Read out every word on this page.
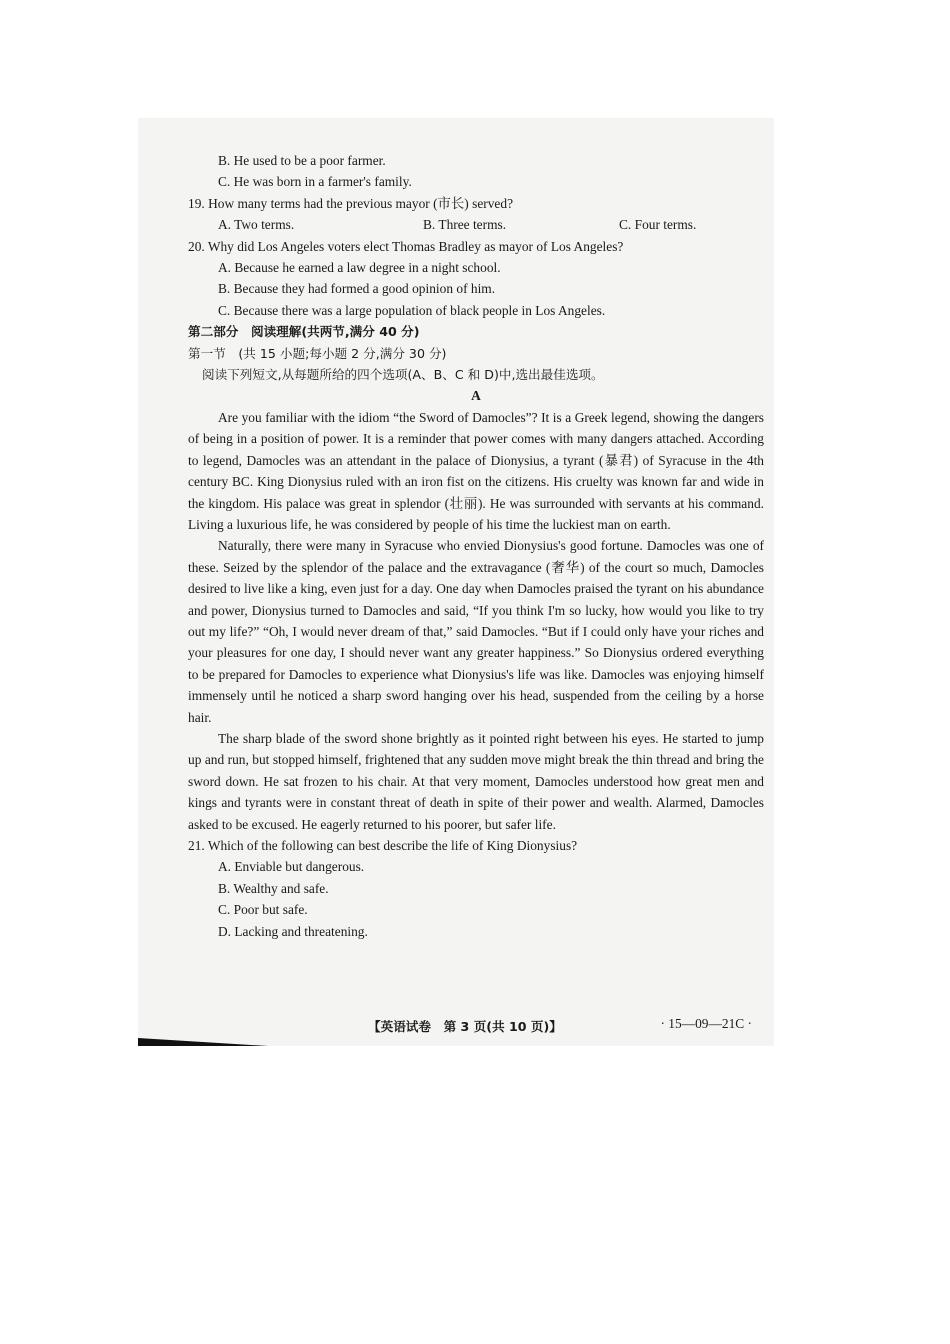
B. He used to be a poor farmer.
C. He was born in a farmer's family.
19. How many terms had the previous mayor (市长) served?
A. Two terms.	B. Three terms.	C. Four terms.
20. Why did Los Angeles voters elect Thomas Bradley as mayor of Los Angeles?
A. Because he earned a law degree in a night school.
B. Because they had formed a good opinion of him.
C. Because there was a large population of black people in Los Angeles.
第二部分　阅读理解(共两节,满分 40 分)
第一节　(共 15 小题;每小题 2 分,满分 30 分)
阅读下列短文,从每题所给的四个选项(A、B、C 和 D)中,选出最佳选项。
A

Are you familiar with the idiom “the Sword of Damocles”? It is a Greek legend, showing the dangers of being in a position of power. It is a reminder that power comes with many dangers attached. According to legend, Damocles was an attendant in the palace of Dionysius, a tyrant (暴君) of Syracuse in the 4th century BC. King Dionysius ruled with an iron fist on the citizens. His cruelty was known far and wide in the kingdom. His palace was great in splendor (壮丽). He was surrounded with servants at his command. Living a luxurious life, he was considered by people of his time the luckiest man on earth.

Naturally, there were many in Syracuse who envied Dionysius's good fortune. Damocles was one of these. Seized by the splendor of the palace and the extravagance (奢华) of the court so much, Damocles desired to live like a king, even just for a day. One day when Damocles praised the tyrant on his abundance and power, Dionysius turned to Damocles and said, “If you think I'm so lucky, how would you like to try out my life?” “Oh, I would never dream of that,” said Damocles. “But if I could only have your riches and your pleasures for one day, I should never want any greater happiness.” So Dionysius ordered everything to be prepared for Damocles to experience what Dionysius's life was like. Damocles was enjoying himself immensely until he noticed a sharp sword hanging over his head, suspended from the ceiling by a horse hair.

The sharp blade of the sword shone brightly as it pointed right between his eyes. He started to jump up and run, but stopped himself, frightened that any sudden move might break the thin thread and bring the sword down. He sat frozen to his chair. At that very moment, Damocles understood how great men and kings and tyrants were in constant threat of death in spite of their power and wealth. Alarmed, Damocles asked to be excused. He eagerly returned to his poorer, but safer life.

21. Which of the following can best describe the life of King Dionysius?
A. Enviable but dangerous.
B. Wealthy and safe.
C. Poor but safe.
D. Lacking and threatening.
【英语试卷　第 3 页(共 10 页)】	· 15—09—21C ·
